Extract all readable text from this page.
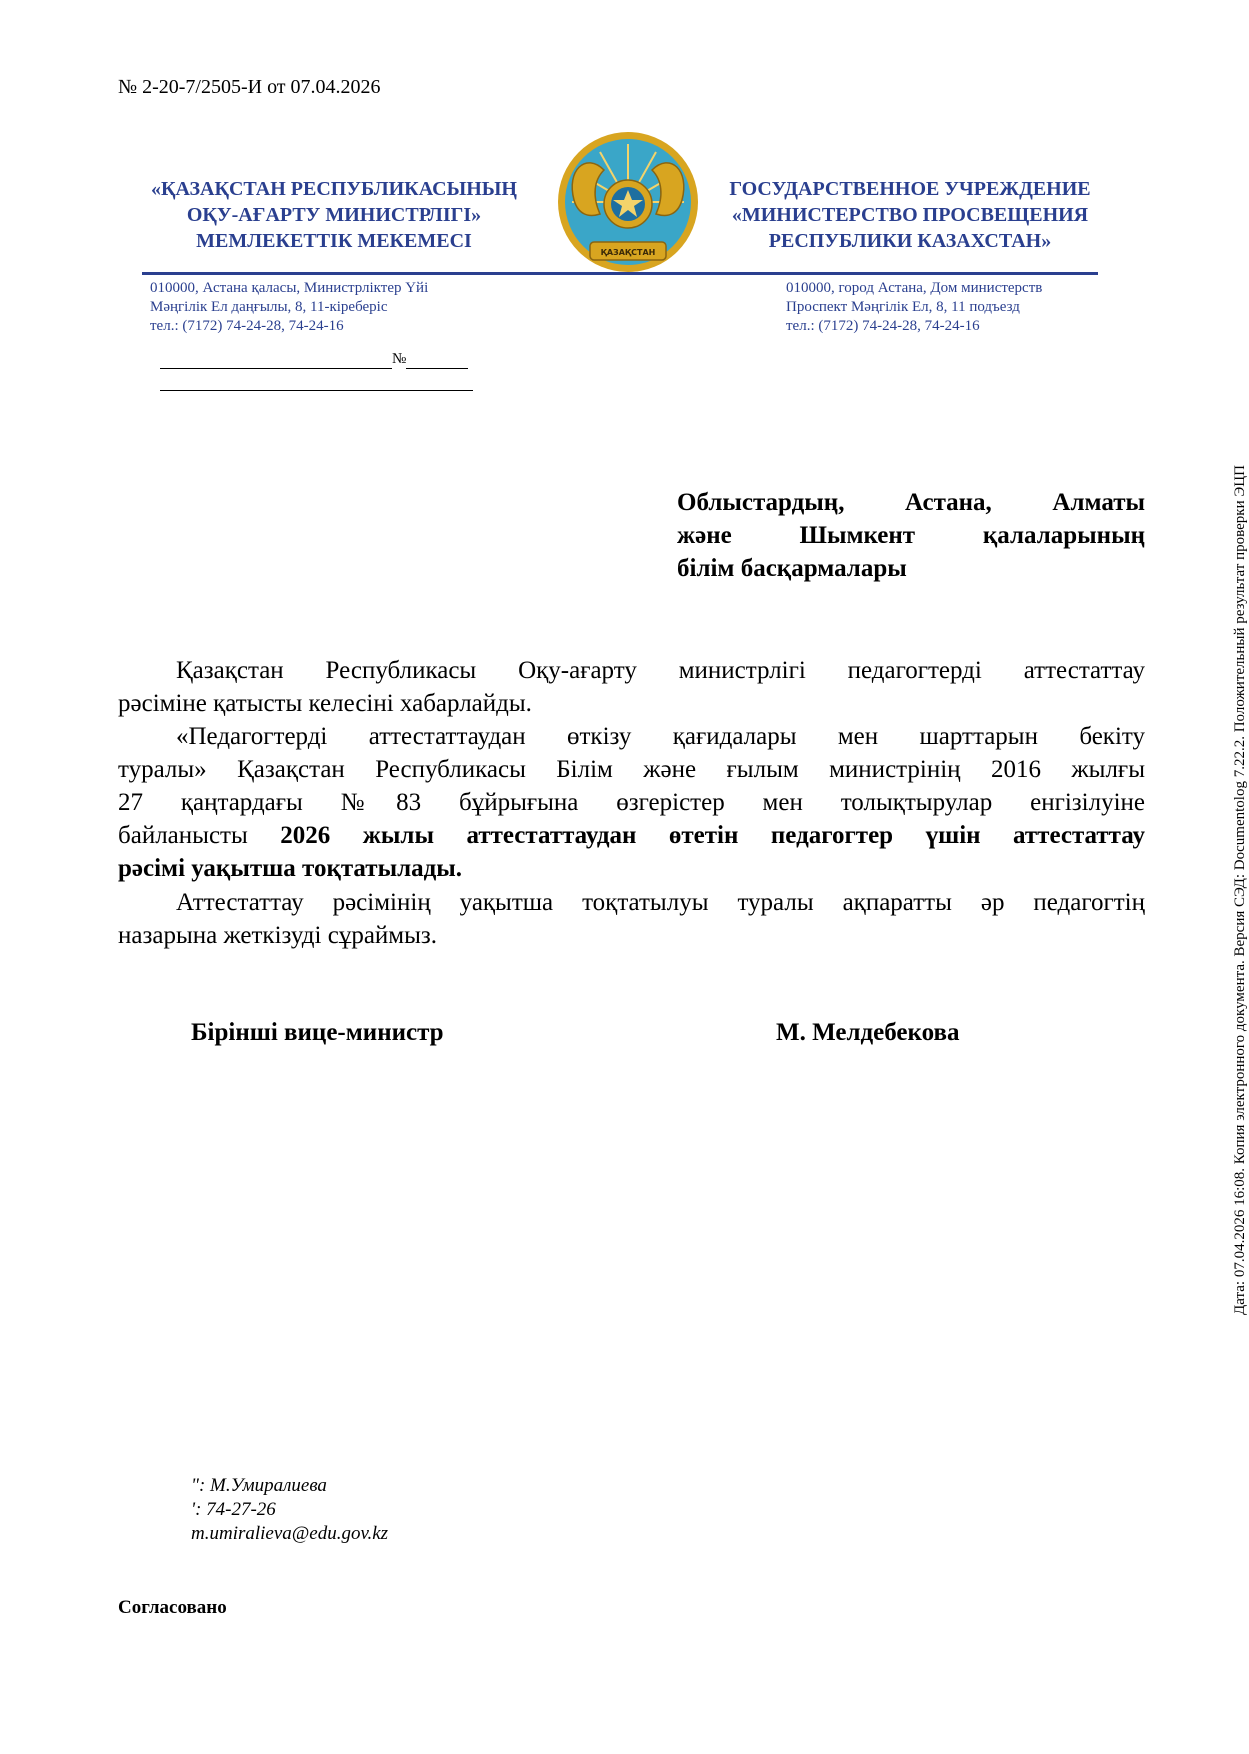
№ 2-20-7/2505-И от 07.04.2026
«ҚАЗАҚСТАН РЕСПУБЛИКАСЫНЫҢ
ОҚУ-АҒАРТУ МИНИСТРЛІГІ»
МЕМЛЕКЕТТІК МЕКЕМЕСІ
ҚАЗАҚСТАН
ГОСУДАРСТВЕННОЕ УЧРЕЖДЕНИЕ
«МИНИСТЕРСТВО ПРОСВЕЩЕНИЯ
РЕСПУБЛИКИ КАЗАХСТАН»
010000, Астана қаласы, Министрліктер Үйі
Мәңгілік Ел даңғылы, 8, 11-кіреберіс
тел.: (7172) 74-24-28, 74-24-16
010000, город Астана, Дом министерств
Проспект Мәңгілік Ел, 8, 11 подъезд
тел.: (7172) 74-24-28, 74-24-16
№
Облыстардың, Астана, Алматы
және Шымкент қалаларының
білім басқармалары
Қазақстан Республикасы Оқу-ағарту министрлігі педагогтерді аттестаттау
рәсіміне қатысты келесіні хабарлайды.
«Педагогтерді аттестаттаудан өткізу қағидалары мен шарттарын бекіту
туралы» Қазақстан Республикасы Білім және ғылым министрінің 2016 жылғы
27 қаңтардағы №83 бұйрығына өзгерістер мен толықтырулар енгізілуіне
байланысты 2026 жылы аттестаттаудан өтетін педагогтер үшін аттестаттау
рәсімі уақытша тоқтатылады.
Аттестаттау рәсімінің уақытша тоқтатылуы туралы ақпаратты әр педагогтің
назарына жеткізуді сұраймыз.
Бірінші вице-министр	М. Мелдебекова
": М.Умиралиева
': 74-27-26
m.umiralieva@edu.gov.kz
Согласовано
Дата: 07.04.2026 16:08. Копия электронного документа. Версия СЭД: Documentolog 7.22.2. Положительный результат проверки ЭЦП
